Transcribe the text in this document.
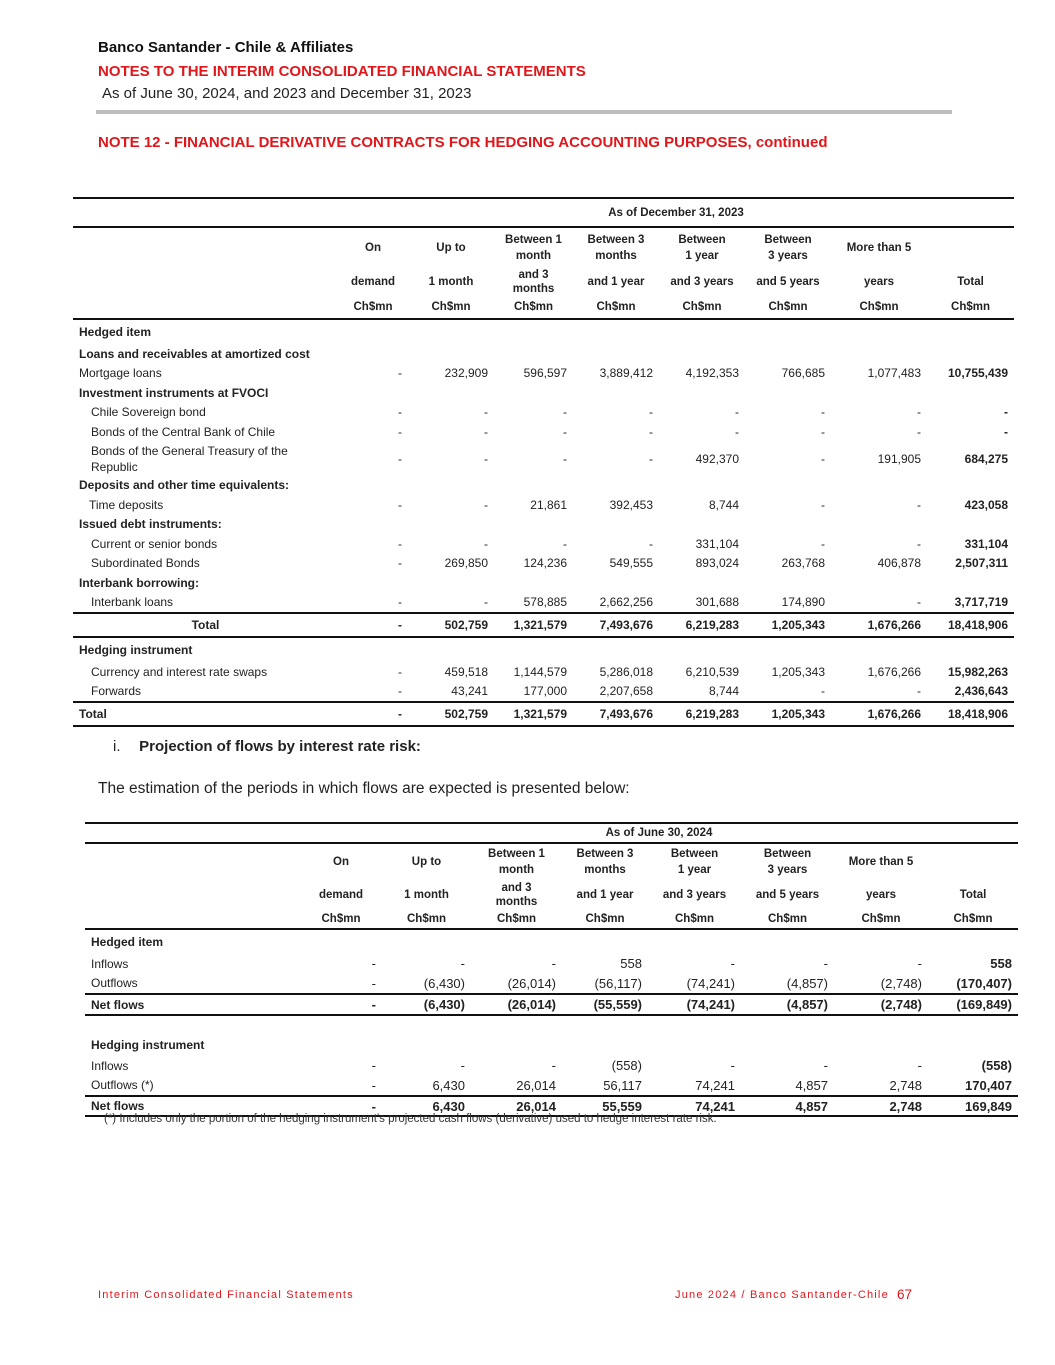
Banco Santander - Chile & Affiliates
NOTES TO THE INTERIM CONSOLIDATED FINANCIAL STATEMENTS
As of June 30, 2024, and 2023 and December 31, 2023
NOTE 12 - FINANCIAL DERIVATIVE CONTRACTS FOR HEDGING ACCOUNTING PURPOSES, continued
	As of December 31, 2023							
	On	Up to	Between 1 month	Between 3 months	Between 1 year	Between 3 years	More than 5	
	demand	1 month	and 3 months	and 1 year	and 3 years	and 5 years	years	Total
	Ch$mn	Ch$mn	Ch$mn	Ch$mn	Ch$mn	Ch$mn	Ch$mn	Ch$mn
Hedged item								
Loans and receivables at amortized cost								
Mortgage loans	-	232,909	596,597	3,889,412	4,192,353	766,685	1,077,483	10,755,439
Investment instruments at FVOCI								
Chile Sovereign bond	-	-	-	-	-	-	-	-
Bonds of the Central Bank of Chile	-	-	-	-	-	-	-	-
Bonds of the General Treasury of the Republic	-	-	-	-	492,370	-	191,905	684,275
Deposits and other time equivalents:								
Time deposits	-	-	21,861	392,453	8,744	-	-	423,058
Issued debt instruments:								
Current or senior bonds	-	-	-	-	331,104	-	-	331,104
Subordinated Bonds	-	269,850	124,236	549,555	893,024	263,768	406,878	2,507,311
Interbank borrowing:								
Interbank loans	-	-	578,885	2,662,256	301,688	174,890	-	3,717,719
Total	-	502,759	1,321,579	7,493,676	6,219,283	1,205,343	1,676,266	18,418,906
Hedging instrument								
Currency and interest rate swaps	-	459,518	1,144,579	5,286,018	6,210,539	1,205,343	1,676,266	15,982,263
Forwards	-	43,241	177,000	2,207,658	8,744	-	-	2,436,643
Total	-	502,759	1,321,579	7,493,676	6,219,283	1,205,343	1,676,266	18,418,906
i. Projection of flows by interest rate risk:
The estimation of the periods in which flows are expected is presented below:
	As of June 30, 2024							
	On	Up to	Between 1 month	Between 3 months	Between 1 year	Between 3 years	More than 5	
	demand	1 month	and 3 months	and 1 year	and 3 years	and 5 years	years	Total
	Ch$mn	Ch$mn	Ch$mn	Ch$mn	Ch$mn	Ch$mn	Ch$mn	Ch$mn
Hedged item								
Inflows	-	-	-	558	-	-	-	558
Outflows	-	(6,430)	(26,014)	(56,117)	(74,241)	(4,857)	(2,748)	(170,407)
Net flows	-	(6,430)	(26,014)	(55,559)	(74,241)	(4,857)	(2,748)	(169,849)

Hedging instrument								
Inflows	-	-	-	(558)	-	-	-	(558)
Outflows (*)	-	6,430	26,014	56,117	74,241	4,857	2,748	170,407
Net flows	-	6,430	26,014	55,559	74,241	4,857	2,748	169,849
(*) Includes only the portion of the hedging instrument's projected cash flows (derivative) used to hedge interest rate risk.
Interim Consolidated Financial Statements	June 2024 / Banco Santander-Chile 67
